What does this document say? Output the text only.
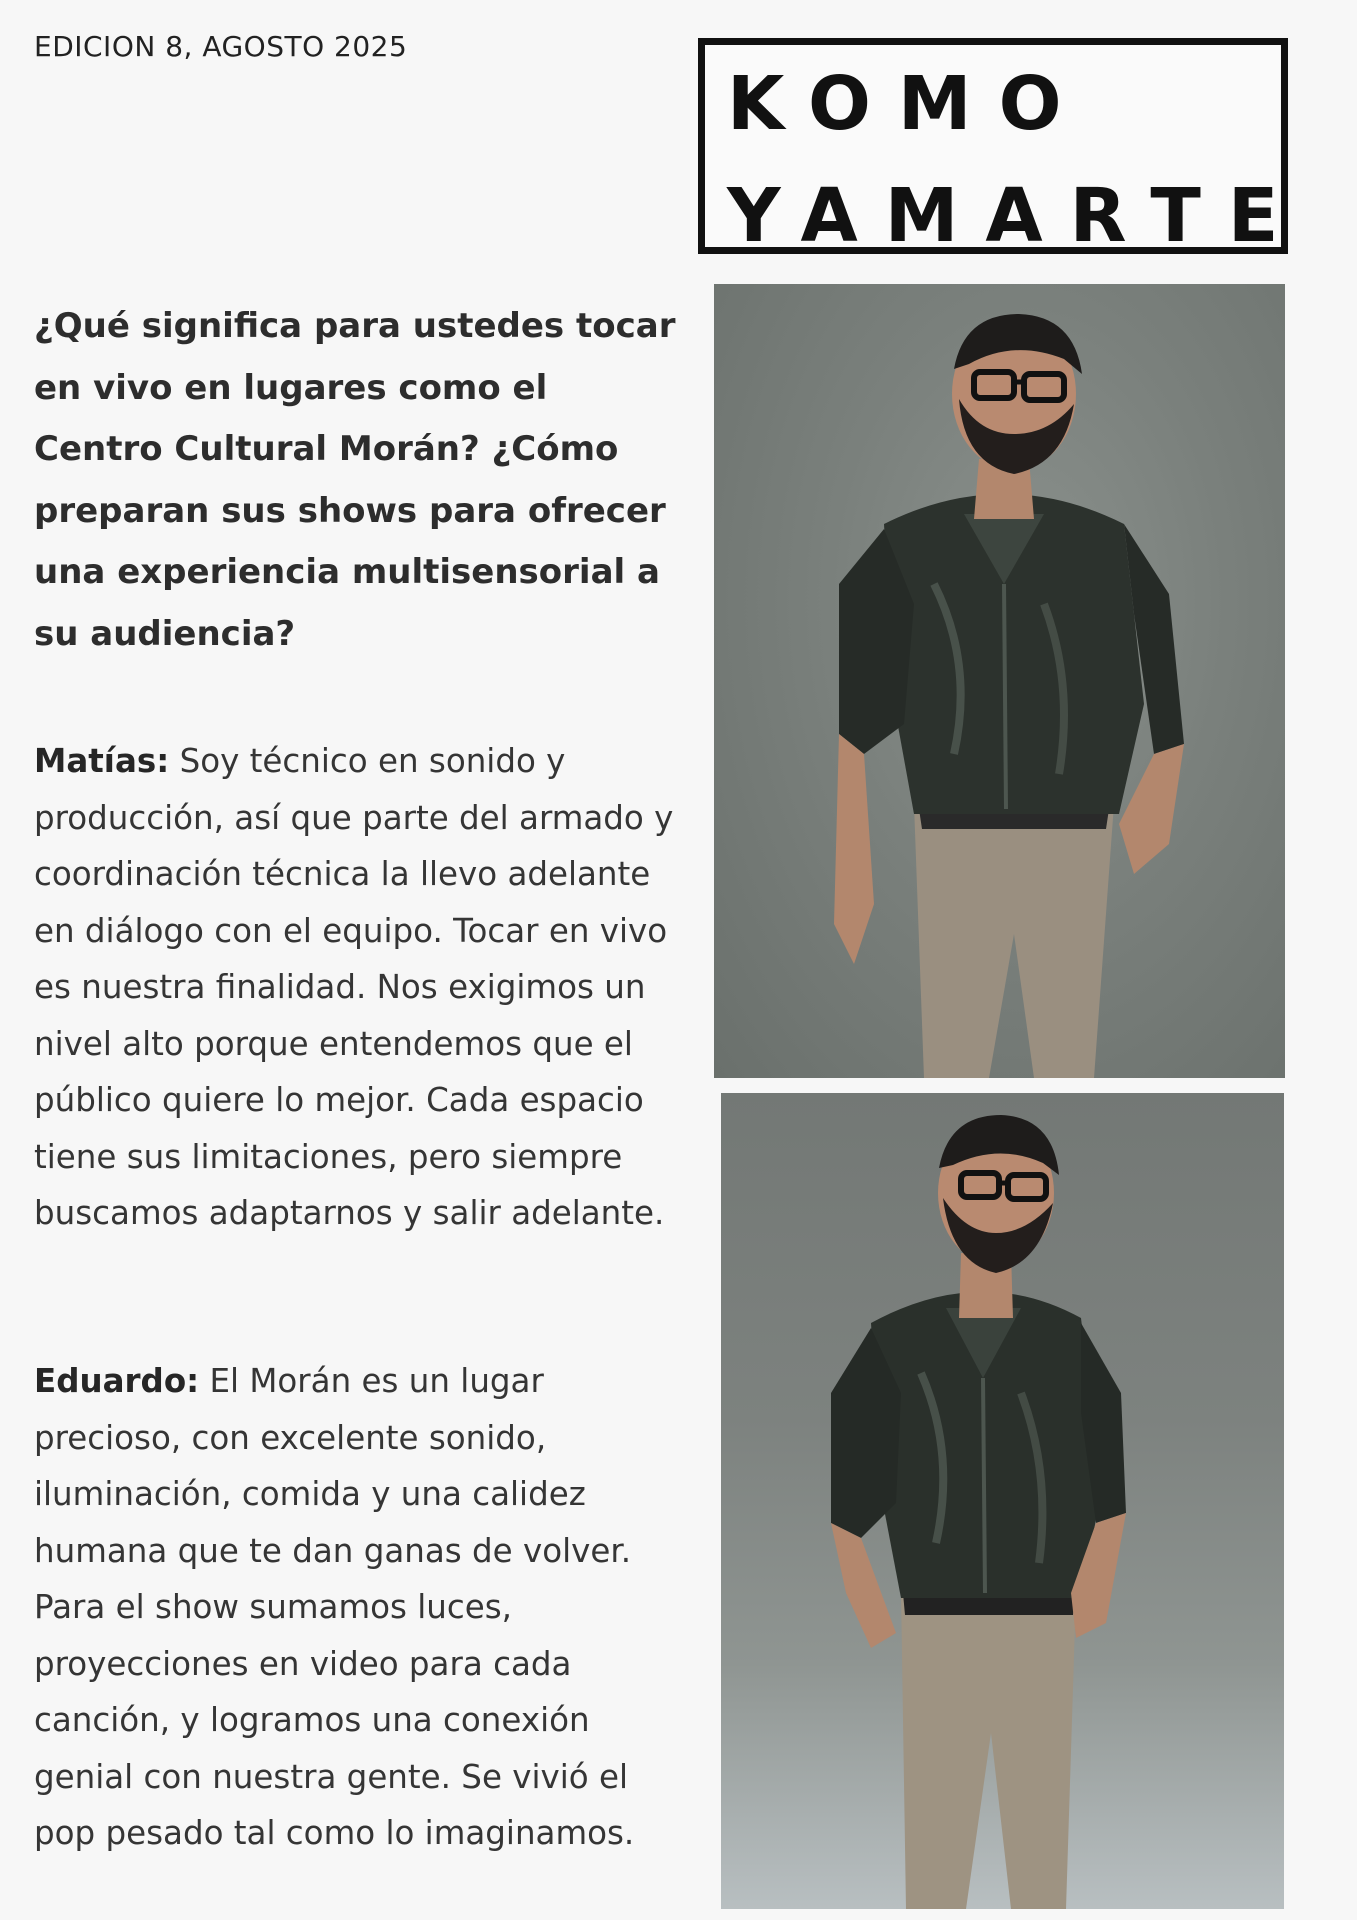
EDICION 8, AGOSTO 2025
KOMO
YAMARTE
¿Qué significa para ustedes tocar en vivo en lugares como el Centro Cultural Morán? ¿Cómo preparan sus shows para ofrecer una experiencia multisensorial a su audiencia?
Matías: Soy técnico en sonido y producción, así que parte del armado y coordinación técnica la llevo adelante en diálogo con el equipo. Tocar en vivo es nuestra finalidad. Nos exigimos un nivel alto porque entendemos que el público quiere lo mejor. Cada espacio tiene sus limitaciones, pero siempre buscamos adaptarnos y salir adelante.
Eduardo: El Morán es un lugar precioso, con excelente sonido, iluminación, comida y una calidez humana que te dan ganas de volver. Para el show sumamos luces, proyecciones en video para cada canción, y logramos una conexión genial con nuestra gente. Se vivió el pop pesado tal como lo imaginamos.
